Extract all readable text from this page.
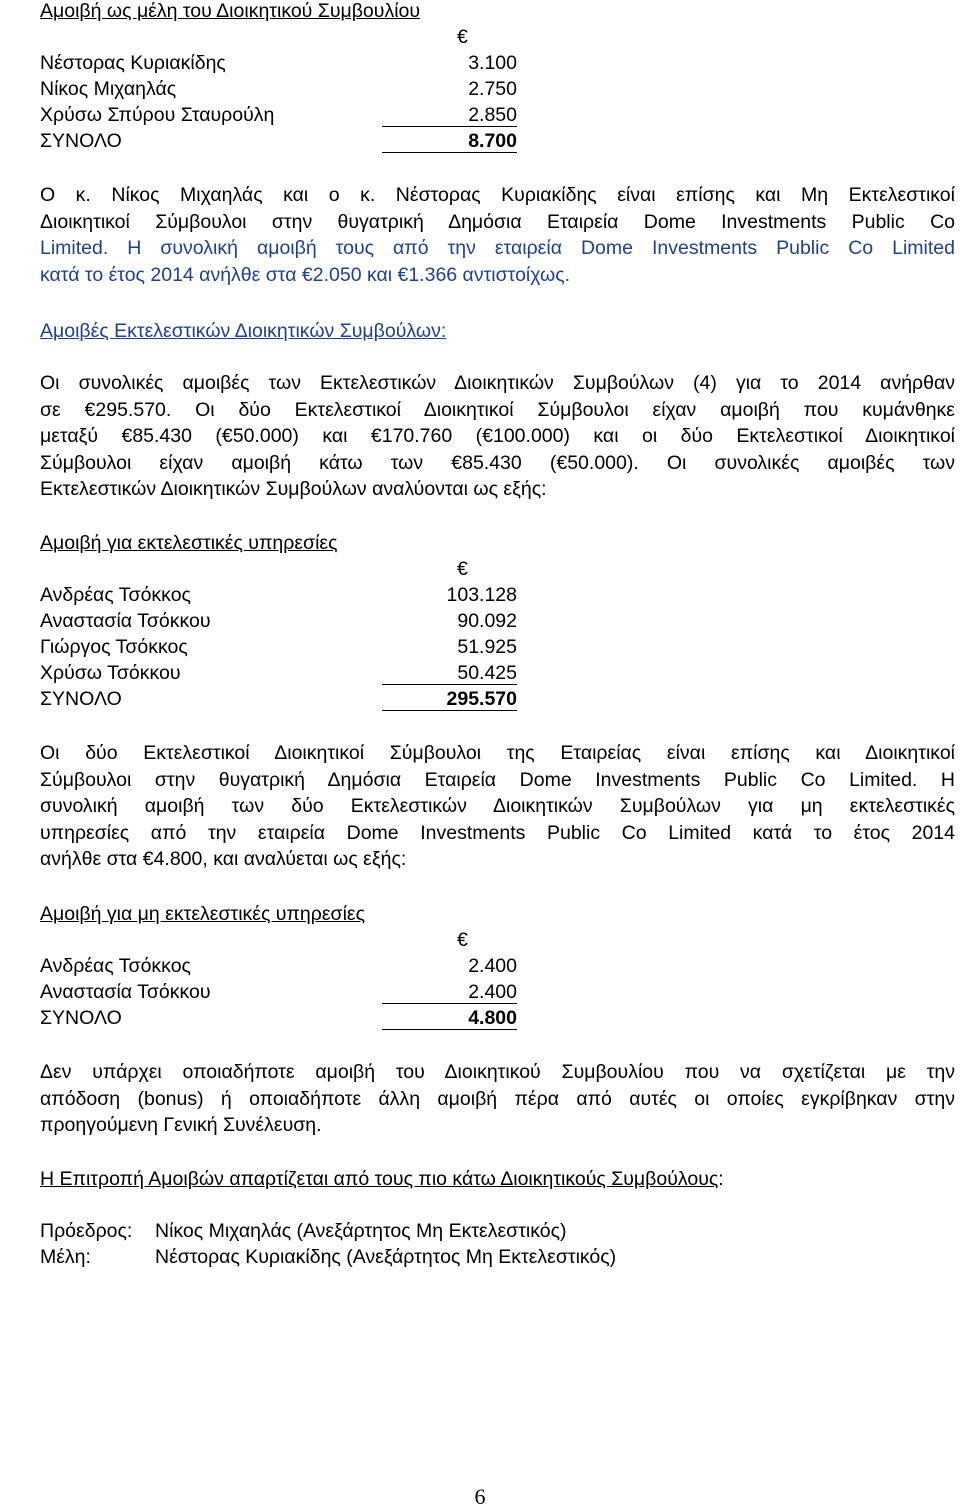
Αμοιβή ως μέλη του Διοικητικού Συμβουλίου
€
Νέστορας Κυριακίδης	3.100
Νίκος Μιχαηλάς	2.750
Χρύσω Σπύρου Σταυρούλη	2.850
ΣΥΝΟΛΟ	8.700
Ο κ. Νίκος Μιχαηλάς και ο κ. Νέστορας Κυριακίδης είναι επίσης και Μη Εκτελεστικοί
Διοικητικοί Σύμβουλοι στην θυγατρική Δημόσια Εταιρεία Dome Investments Public Co
Limited. Η συνολική αμοιβή τους από την εταιρεία Dome Investments Public Co Limited
κατά το έτος 2014 ανήλθε στα €2.050 και €1.366 αντιστοίχως.
Αμοιβές Εκτελεστικών Διοικητικών Συμβούλων:
Οι συνολικές αμοιβές των Εκτελεστικών Διοικητικών Συμβούλων (4) για το 2014 ανήρθαν
σε €295.570. Οι δύο Εκτελεστικοί Διοικητικοί Σύμβουλοι είχαν αμοιβή που κυμάνθηκε
μεταξύ €85.430 (€50.000) και €170.760 (€100.000) και οι δύο Εκτελεστικοί Διοικητικοί
Σύμβουλοι είχαν αμοιβή κάτω των €85.430 (€50.000). Οι συνολικές αμοιβές των
Εκτελεστικών Διοικητικών Συμβούλων αναλύονται ως εξής:
Αμοιβή για εκτελεστικές υπηρεσίες
€
Ανδρέας Τσόκκος	103.128
Αναστασία Τσόκκου	90.092
Γιώργος Τσόκκος	51.925
Χρύσω Τσόκκου	50.425
ΣΥΝΟΛΟ	295.570
Οι δύο Εκτελεστικοί Διοικητικοί Σύμβουλοι της Εταιρείας είναι επίσης και Διοικητικοί
Σύμβουλοι στην θυγατρική Δημόσια Εταιρεία Dome Investments Public Co Limited. Η
συνολική αμοιβή των δύο Εκτελεστικών Διοικητικών Συμβούλων για μη εκτελεστικές
υπηρεσίες από την εταιρεία Dome Investments Public Co Limited κατά το έτος 2014
ανήλθε στα €4.800, και αναλύεται ως εξής:
Αμοιβή για μη εκτελεστικές υπηρεσίες
€
Ανδρέας Τσόκκος	2.400
Αναστασία Τσόκκου	2.400
ΣΥΝΟΛΟ	4.800
Δεν υπάρχει οποιαδήποτε αμοιβή του Διοικητικού Συμβουλίου που να σχετίζεται με την
απόδοση (bonus) ή οποιαδήποτε άλλη αμοιβή πέρα από αυτές οι οποίες εγκρίβηκαν στην
προηγούμενη Γενική Συνέλευση.
Η Επιτροπή Αμοιβών απαρτίζεται από τους πιο κάτω Διοικητικούς Συμβούλους:
Πρόεδρος: Νίκος Μιχαηλάς (Ανεξάρτητος Μη Εκτελεστικός)
Μέλη:	Νέστορας Κυριακίδης (Ανεξάρτητος Μη Εκτελεστικός)
6
